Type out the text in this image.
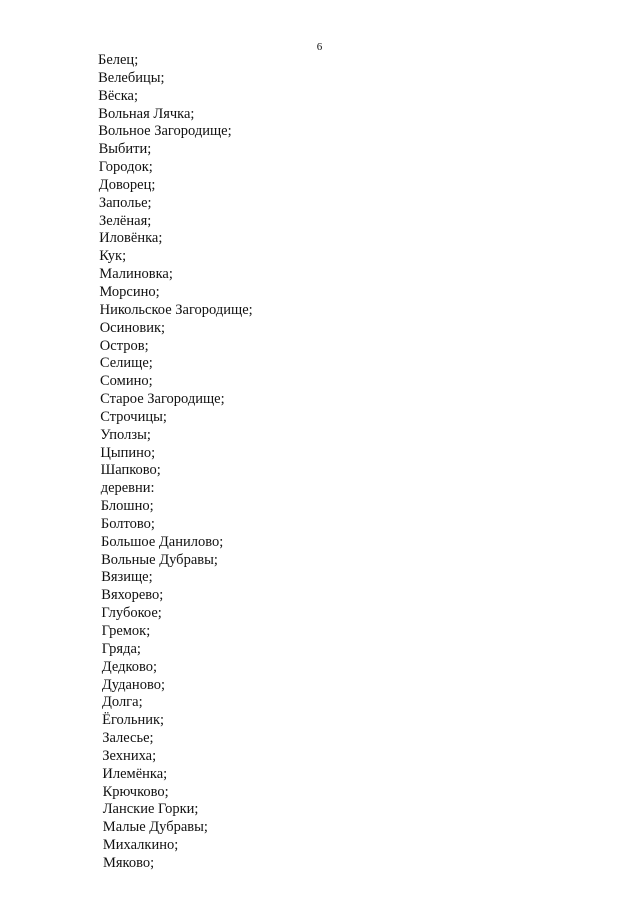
6
Белец;
Велебицы;
Вёска;
Вольная Лячка;
Вольное Загородище;
Выбити;
Городок;
Доворец;
Заполье;
Зелёная;
Иловёнка;
Кук;
Малиновка;
Морсино;
Никольское Загородище;
Осиновик;
Остров;
Селище;
Сомино;
Старое Загородище;
Строчицы;
Уползы;
Цыпино;
Шапково;
деревни:
Блошно;
Болтово;
Большое Данилово;
Вольные Дубравы;
Вязище;
Вяхорево;
Глубокое;
Гремок;
Гряда;
Дедково;
Дуданово;
Долга;
Ёгольник;
Залесье;
Зехниха;
Илемёнка;
Крючково;
Ланские Горки;
Малые Дубравы;
Михалкино;
Мяково;
